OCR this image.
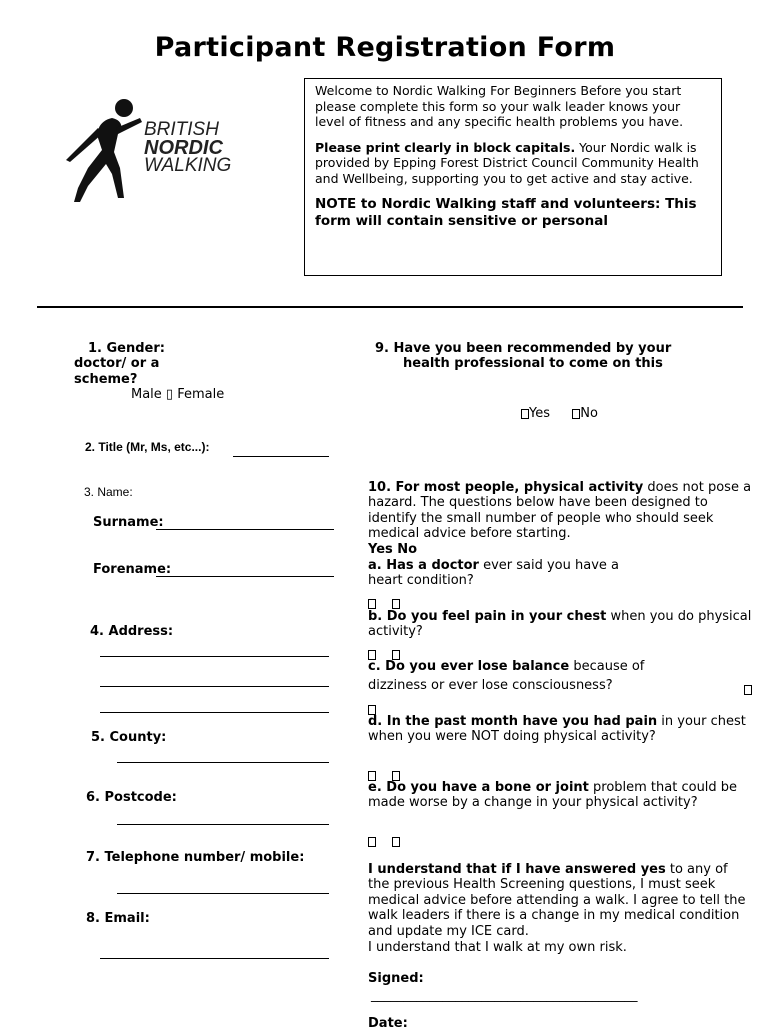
Participant Registration Form
BRITISH
NORDIC
WALKING

Welcome to Nordic Walking For Beginners Before you start please complete this form so your walk leader knows your level of fitness and any specific health problems you have.

Please print clearly in block capitals. Your Nordic walk is provided by Epping Forest District Council Community Health and Wellbeing, supporting you to get active and stay active.

NOTE to Nordic Walking staff and volunteers: This form will contain sensitive or personal
1. Gender:
doctor/ or a scheme?
Male ▯ Female
2. Title (Mr, Ms, etc...):
3. Name:
Surname:
Forename:
4. Address:
5. County:
6. Postcode:
7. Telephone number/ mobile:
8. Email:
9. Have you been recommended by your
health professional to come on this
Yes No
10. For most people, physical activity does not pose a hazard. The questions below have been designed to identify the small number of people who should seek medical advice before starting.
Yes No
a. Has a doctor ever said you have a heart condition?
b. Do you feel pain in your chest when you do physical activity?
c. Do you ever lose balance because of
dizziness or ever lose consciousness?
d. In the past month have you had pain in your chest when you were NOT doing physical activity?
e. Do you have a bone or joint problem that could be made worse by a change in your physical activity?
I understand that if I have answered yes to any of the previous Health Screening questions, I must seek medical advice before attending a walk. I agree to tell the walk leaders if there is a change in my medical condition and update my ICE card.
I understand that I walk at my own risk.
Signed:
_________________________________________
Date:
